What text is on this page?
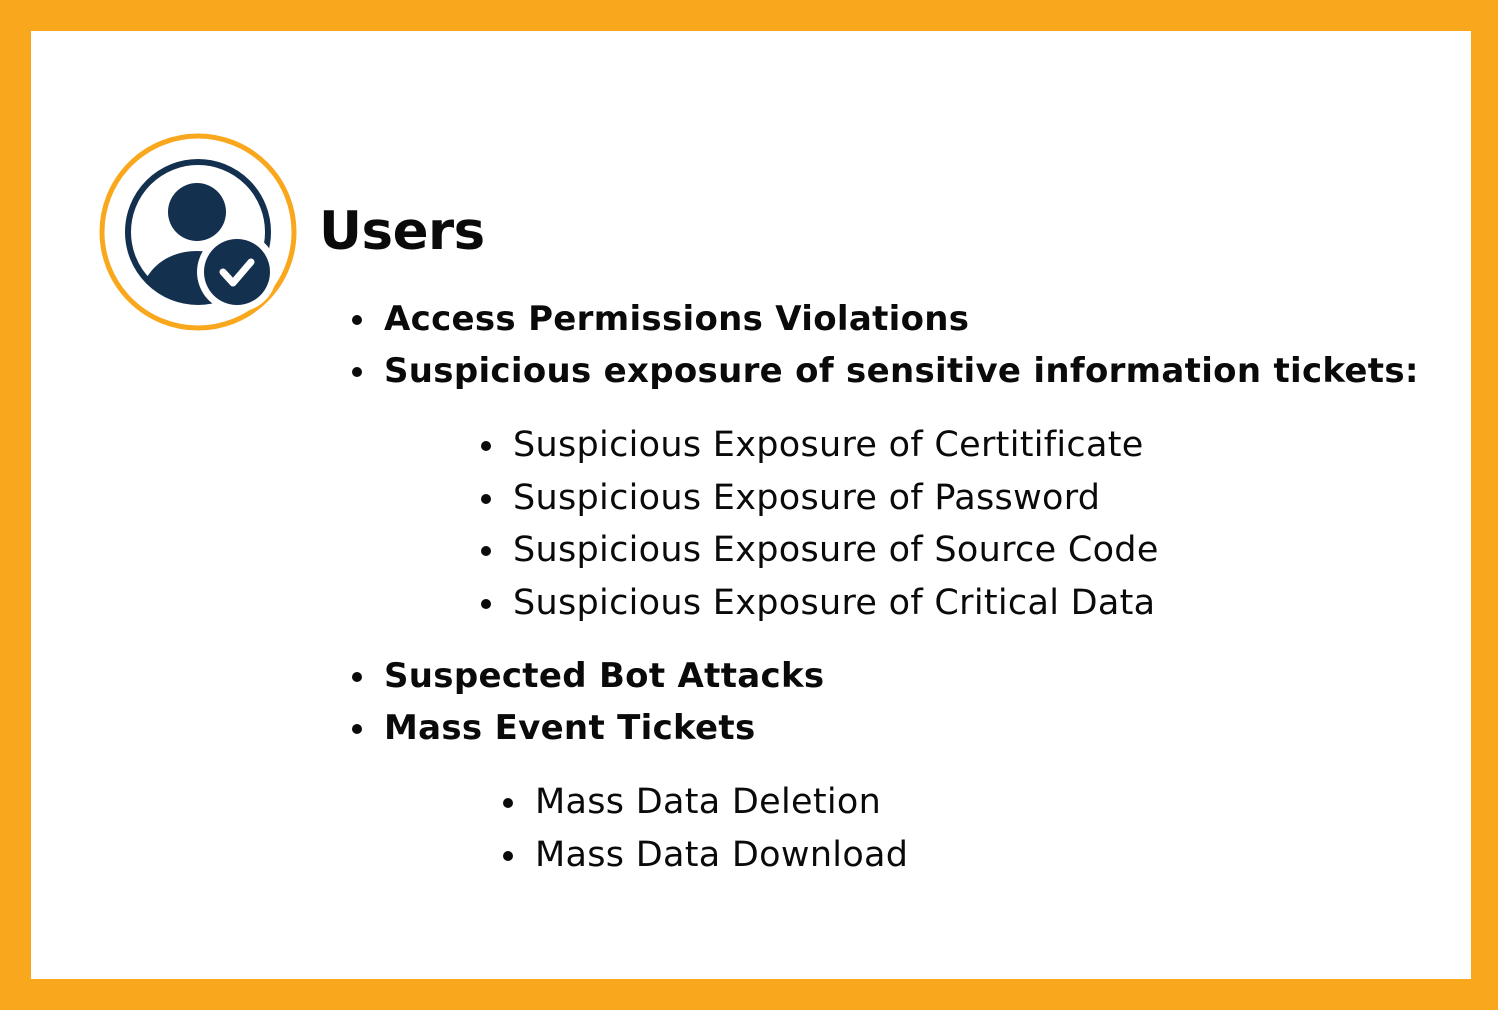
Users
Access Permissions Violations
Suspicious exposure of sensitive information tickets:
Suspicious Exposure of Certitificate
Suspicious Exposure of Password
Suspicious Exposure of Source Code
Suspicious Exposure of Critical Data
Suspected Bot Attacks
Mass Event Tickets
Mass Data Deletion
Mass Data Download
